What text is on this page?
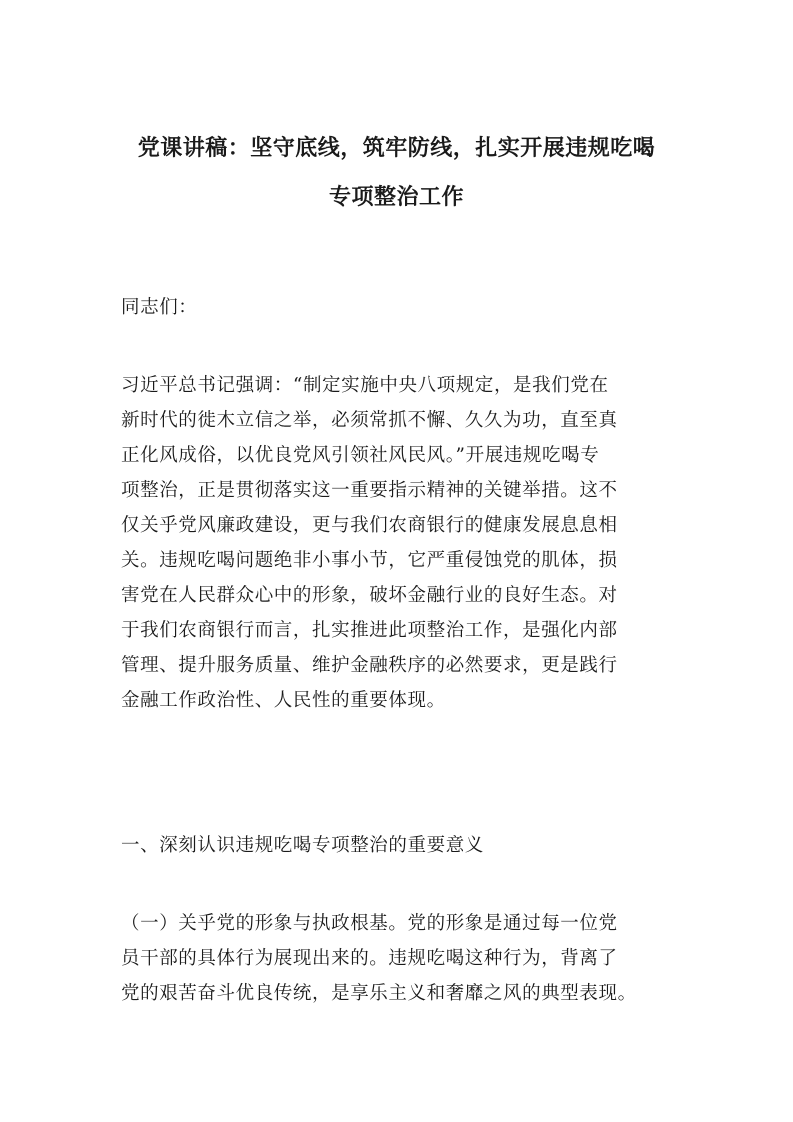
党课讲稿：坚守底线，筑牢防线，扎实开展违规吃喝
专项整治工作
同志们：
习近平总书记强调：“制定实施中央八项规定，是我们党在
新时代的徙木立信之举，必须常抓不懈、久久为功，直至真
正化风成俗，以优良党风引领社风民风。”开展违规吃喝专
项整治，正是贯彻落实这一重要指示精神的关键举措。这不
仅关乎党风廉政建设，更与我们农商银行的健康发展息息相
关。违规吃喝问题绝非小事小节，它严重侵蚀党的肌体，损
害党在人民群众心中的形象，破坏金融行业的良好生态。对
于我们农商银行而言，扎实推进此项整治工作，是强化内部
管理、提升服务质量、维护金融秩序的必然要求，更是践行
金融工作政治性、人民性的重要体现。
一、深刻认识违规吃喝专项整治的重要意义
（一）关乎党的形象与执政根基。党的形象是通过每一位党
员干部的具体行为展现出来的。违规吃喝这种行为，背离了
党的艰苦奋斗优良传统，是享乐主义和奢靡之风的典型表现。
